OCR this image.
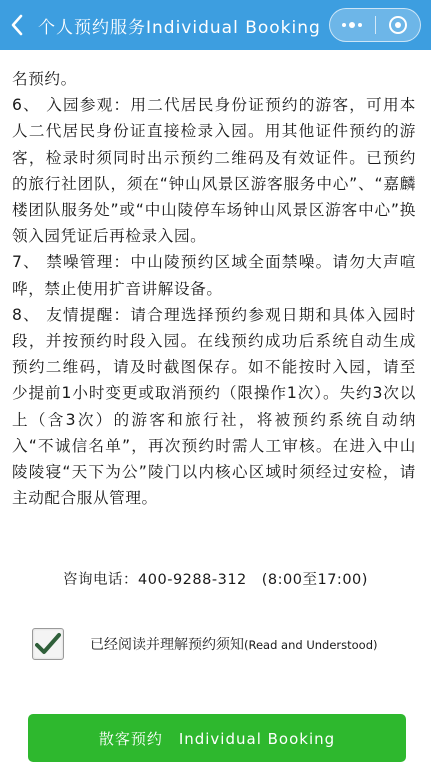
个人预约服务Individual Booking

名预约。

6、 入园参观：用二代居民身份证预约的游客，可用本人二代居民身份证直接检录入园。用其他证件预约的游客，检录时须同时出示预约二维码及有效证件。已预约的旅行社团队，须在“钟山风景区游客服务中心”、“嘉麟楼团队服务处”或“中山陵停车场钟山风景区游客中心”换领入园凭证后再检录入园。

7、 禁噪管理：中山陵预约区域全面禁噪。请勿大声喧哗，禁止使用扩音讲解设备。

8、 友情提醒：请合理选择预约参观日期和具体入园时段，并按预约时段入园。在线预约成功后系统自动生成预约二维码，请及时截图保存。如不能按时入园，请至少提前1小时变更或取消预约（限操作1次）。失约3次以上（含3次）的游客和旅行社，将被预约系统自动纳入“不诚信名单”，再次预约时需人工审核。在进入中山陵陵寝“天下为公”陵门以内核心区域时须经过安检，请主动配合服从管理。

咨询电话：400-9288-312　(8:00至17:00)
已经阅读并理解预约须知(Read and Understood)
散客预约　Individual Booking
